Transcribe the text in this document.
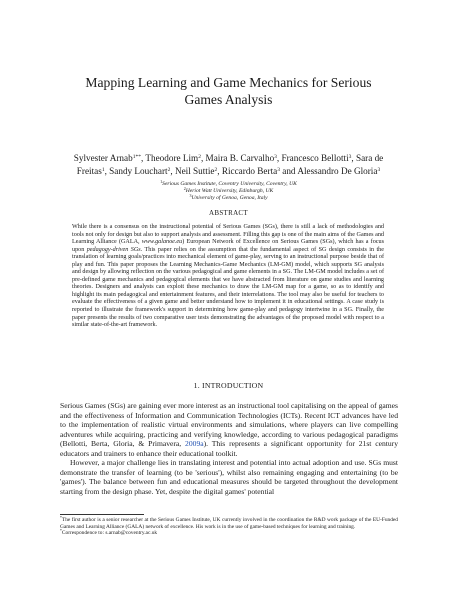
Mapping Learning and Game Mechanics for Serious Games Analysis
Sylvester Arnab$^{1**}$, Theodore Lim$^2$, Maira B. Carvalho$^3$, Francesco Bellotti$^3$, Sara de Freitas$^1$, Sandy Louchart$^2$, Neil Suttie$^2$, Riccardo Berta$^3$ and Alessandro De Gloria$^3$
$^1$Serious Games Institute, Coventry University, Coventry, UK
$^2$Heriot Watt University, Edinburgh, UK
$^3$University of Genoa, Genoa, Italy
ABSTRACT

While there is a consensus on the instructional potential of Serious Games (SGs), there is still a lack of methodologies and tools not only for design but also to support analysis and assessment. Filling this gap is one of the main aims of the Games and Learning Alliance (GALA, www.galanoe.eu) European Network of Excellence on Serious Games (SGs), which has a focus upon pedagogy-driven SGs. This paper relies on the assumption that the fundamental aspect of SG design consists in the translation of learning goals/practices into mechanical element of game-play, serving to an instructional purpose beside that of play and fun. This paper proposes the Learning Mechanics-Game Mechanics (LM-GM) model, which supports SG analysis and design by allowing reflection on the various pedagogical and game elements in a SG. The LM-GM model includes a set of pre-defined game mechanics and pedagogical elements that we have abstracted from literature on game studies and learning theories. Designers and analysts can exploit these mechanics to draw the LM-GM map for a game, so as to identify and highlight its main pedagogical and entertainment features, and their interrelations. The tool may also be useful for teachers to evaluate the effectiveness of a given game and better understand how to implement it in educational settings. A case study is reported to illustrate the framework's support in determining how game-play and pedagogy intertwine in a SG. Finally, the paper presents the results of two comparative user tests demonstrating the advantages of the proposed model with respect to a similar state-of-the-art framework.

1. INTRODUCTION

Serious Games (SGs) are gaining ever more interest as an instructional tool capitalising on the appeal of games and the effectiveness of Information and Communication Technologies (ICTs). Recent ICT advances have led to the implementation of realistic virtual environments and simulations, where players can live compelling adventures while acquiring, practicing and verifying knowledge, according to various pedagogical paradigms (Bellotti, Berta, Gloria, & Primavera, 2009a). This represents a significant opportunity for 21st century educators and trainers to enhance their educational toolkit.

However, a major challenge lies in translating interest and potential into actual adoption and use. SGs must demonstrate the transfer of learning (to be 'serious'), whilst also remaining engaging and entertaining (to be 'games'). The balance between fun and educational measures should be targeted throughout the development starting from the design phase. Yet, despite the digital games' potential

*The first author is a senior researcher at the Serious Games Institute, UK currently involved in the coordination the R&D work package of the EU-Funded Games and Learning Alliance (GALA) network of excellence. His work is in the use of game-based techniques for learning and training.

*Correspondence to: s.arnab@coventry.ac.uk
